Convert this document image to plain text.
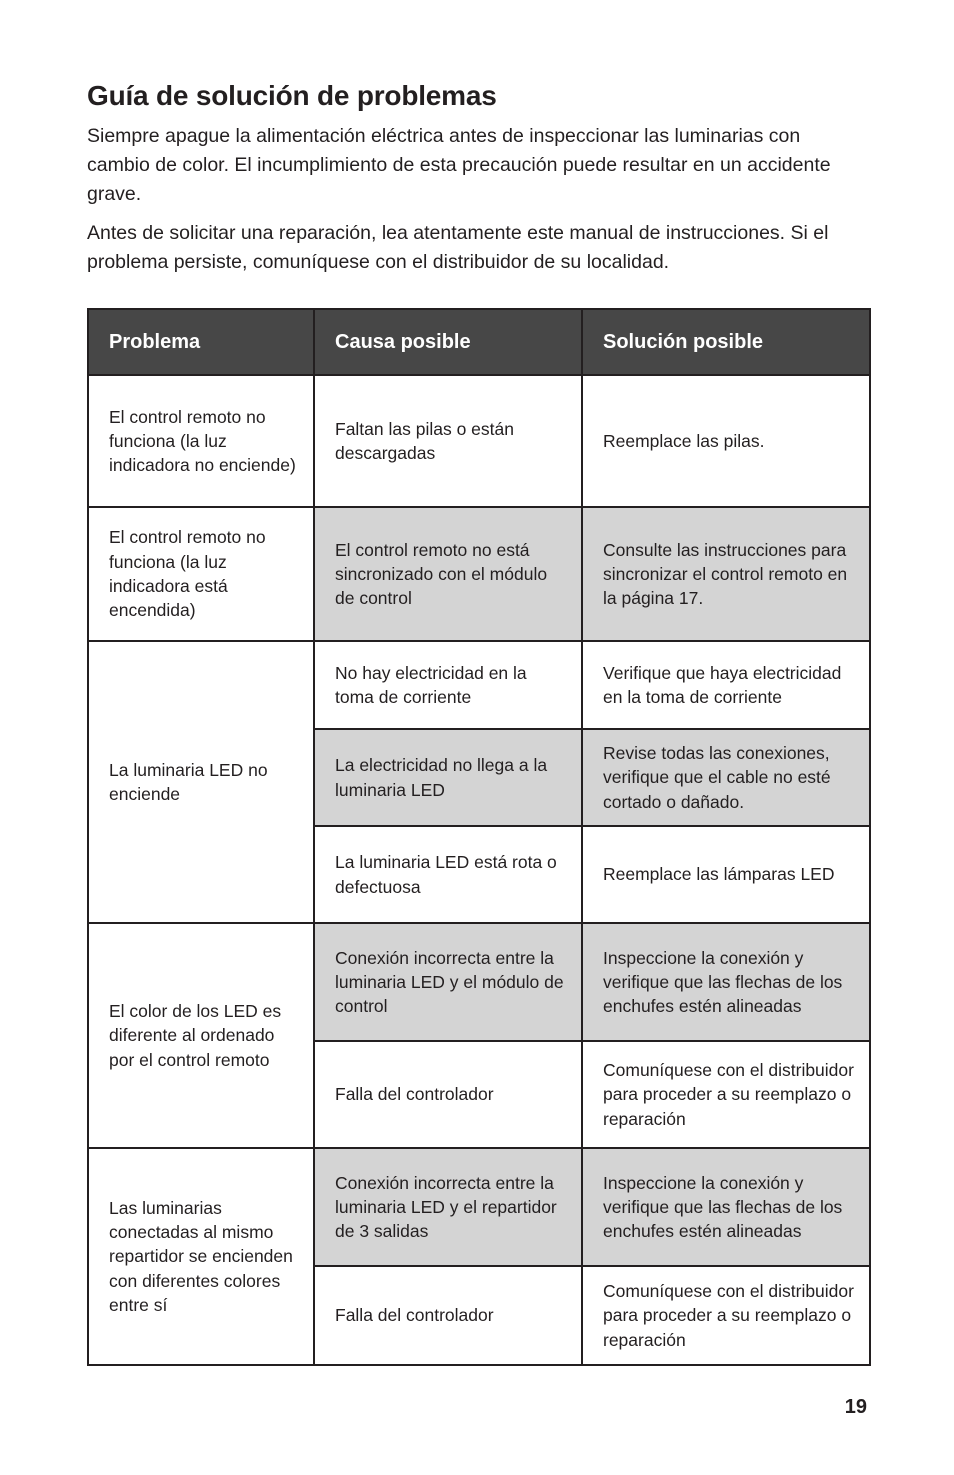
Guía de solución de problemas

Siempre apague la alimentación eléctrica antes de inspeccionar las luminarias con cambio de color. El incumplimiento de esta precaución puede resultar en un accidente grave.

Antes de solicitar una reparación, lea atentamente este manual de instrucciones. Si el problema persiste, comuníquese con el distribuidor de su localidad.

Problema	Causa posible	Solución posible
El control remoto no funciona (la luz indicadora no enciende)	Faltan las pilas o están descargadas	Reemplace las pilas.
El control remoto no funciona (la luz indicadora está encendida)	El control remoto no está sincronizado con el módulo de control	Consulte las instrucciones para sincronizar el control remoto en la página 17.
La luminaria LED no enciende	No hay electricidad en la toma de corriente	Verifique que haya electricidad en la toma de corriente
	La electricidad no llega a la luminaria LED	Revise todas las conexiones, verifique que el cable no esté cortado o dañado.
	La luminaria LED está rota o defectuosa	Reemplace las lámparas LED
El color de los LED es diferente al ordenado por el control remoto	Conexión incorrecta entre la luminaria LED y el módulo de control	Inspeccione la conexión y verifique que las flechas de los enchufes estén alineadas
	Falla del controlador	Comuníquese con el distribuidor para proceder a su reemplazo o reparación
Las luminarias conectadas al mismo repartidor se encienden con diferentes colores entre sí	Conexión incorrecta entre la luminaria LED y el repartidor de 3 salidas	Inspeccione la conexión y verifique que las flechas de los enchufes estén alineadas
	Falla del controlador	Comuníquese con el distribuidor para proceder a su reemplazo o reparación
19
